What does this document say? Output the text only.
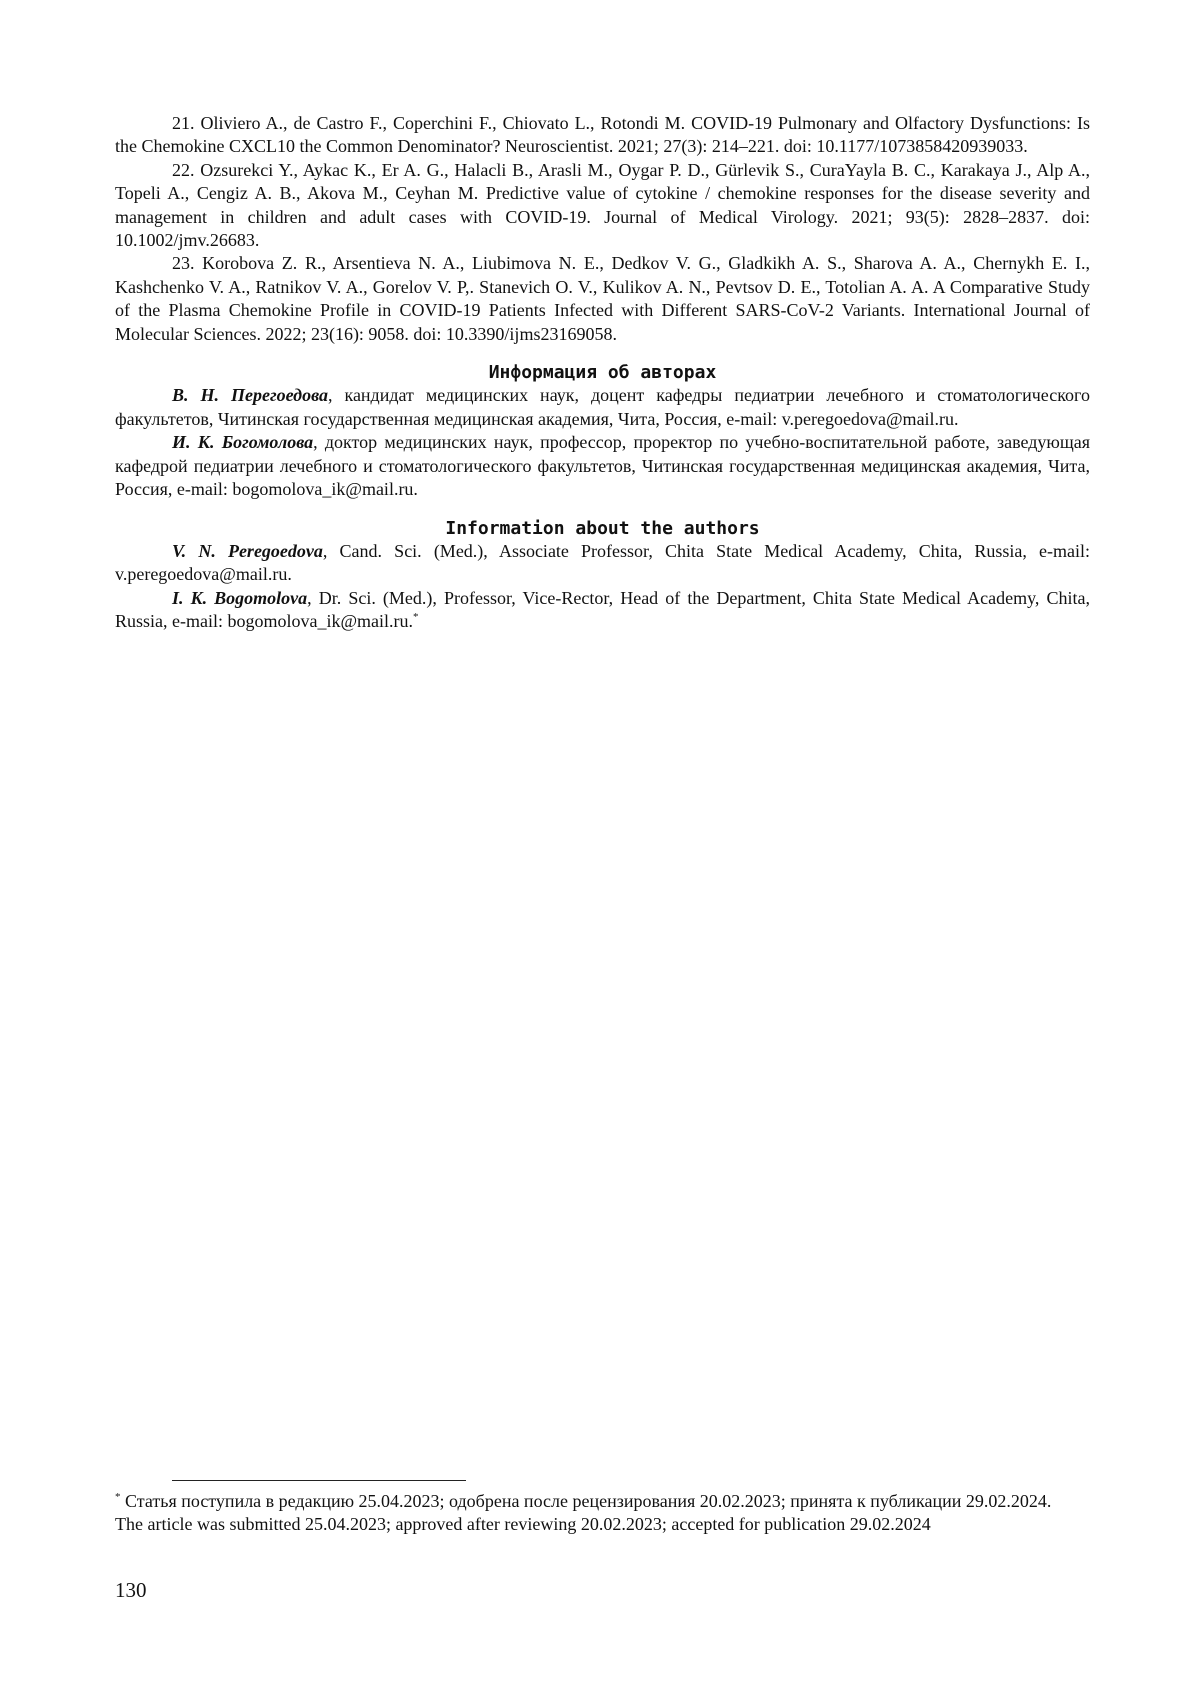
21. Oliviero A., de Castro F., Coperchini F., Chiovato L., Rotondi M. COVID-19 Pulmonary and Olfactory Dysfunctions: Is the Chemokine CXCL10 the Common Denominator? Neuroscientist. 2021; 27(3): 214–221. doi: 10.1177/1073858420939033.

22. Ozsurekci Y., Aykac K., Er A. G., Halacli B., Arasli M., Oygar P. D., Gürlevik S., CuraYayla B. C., Karakaya J., Alp A., Topeli A., Cengiz A. B., Akova M., Ceyhan M. Predictive value of cytokine / chemokine responses for the disease severity and management in children and adult cases with COVID-19. Journal of Medical Virology. 2021; 93(5): 2828–2837. doi: 10.1002/jmv.26683.

23. Korobova Z. R., Arsentieva N. A., Liubimova N. E., Dedkov V. G., Gladkikh A. S., Sharova A. A., Chernykh E. I., Kashchenko V. A., Ratnikov V. A., Gorelov V. P,. Stanevich O. V., Kulikov A. N., Pevtsov D. E., Totolian A. A. A Comparative Study of the Plasma Chemokine Profile in COVID-19 Patients Infected with Different SARS-CoV-2 Variants. International Journal of Molecular Sciences. 2022; 23(16): 9058. doi: 10.3390/ijms23169058.

Информация об авторах

В. Н. Перегоедова, кандидат медицинских наук, доцент кафедры педиатрии лечебного и стоматологического факультетов, Читинская государственная медицинская академия, Чита, Россия, e-mail: v.peregoedova@mail.ru.

И. К. Богомолова, доктор медицинских наук, профессор, проректор по учебно-воспитательной работе, заведующая кафедрой педиатрии лечебного и стоматологического факультетов, Читинская государственная медицинская академия, Чита, Россия, e-mail: bogomolova_ik@mail.ru.

Information about the authors

V. N. Peregoedova, Cand. Sci. (Med.), Associate Professor, Chita State Medical Academy, Chita, Russia, e-mail: v.peregoedova@mail.ru.

I. K. Bogomolova, Dr. Sci. (Med.), Professor, Vice-Rector, Head of the Department, Chita State Medical Academy, Chita, Russia, e-mail: bogomolova_ik@mail.ru.*

* Статья поступила в редакцию 25.04.2023; одобрена после рецензирования 20.02.2023; принята к публикации 29.02.2024.

The article was submitted 25.04.2023; approved after reviewing 20.02.2023; accepted for publication 29.02.2024

130
